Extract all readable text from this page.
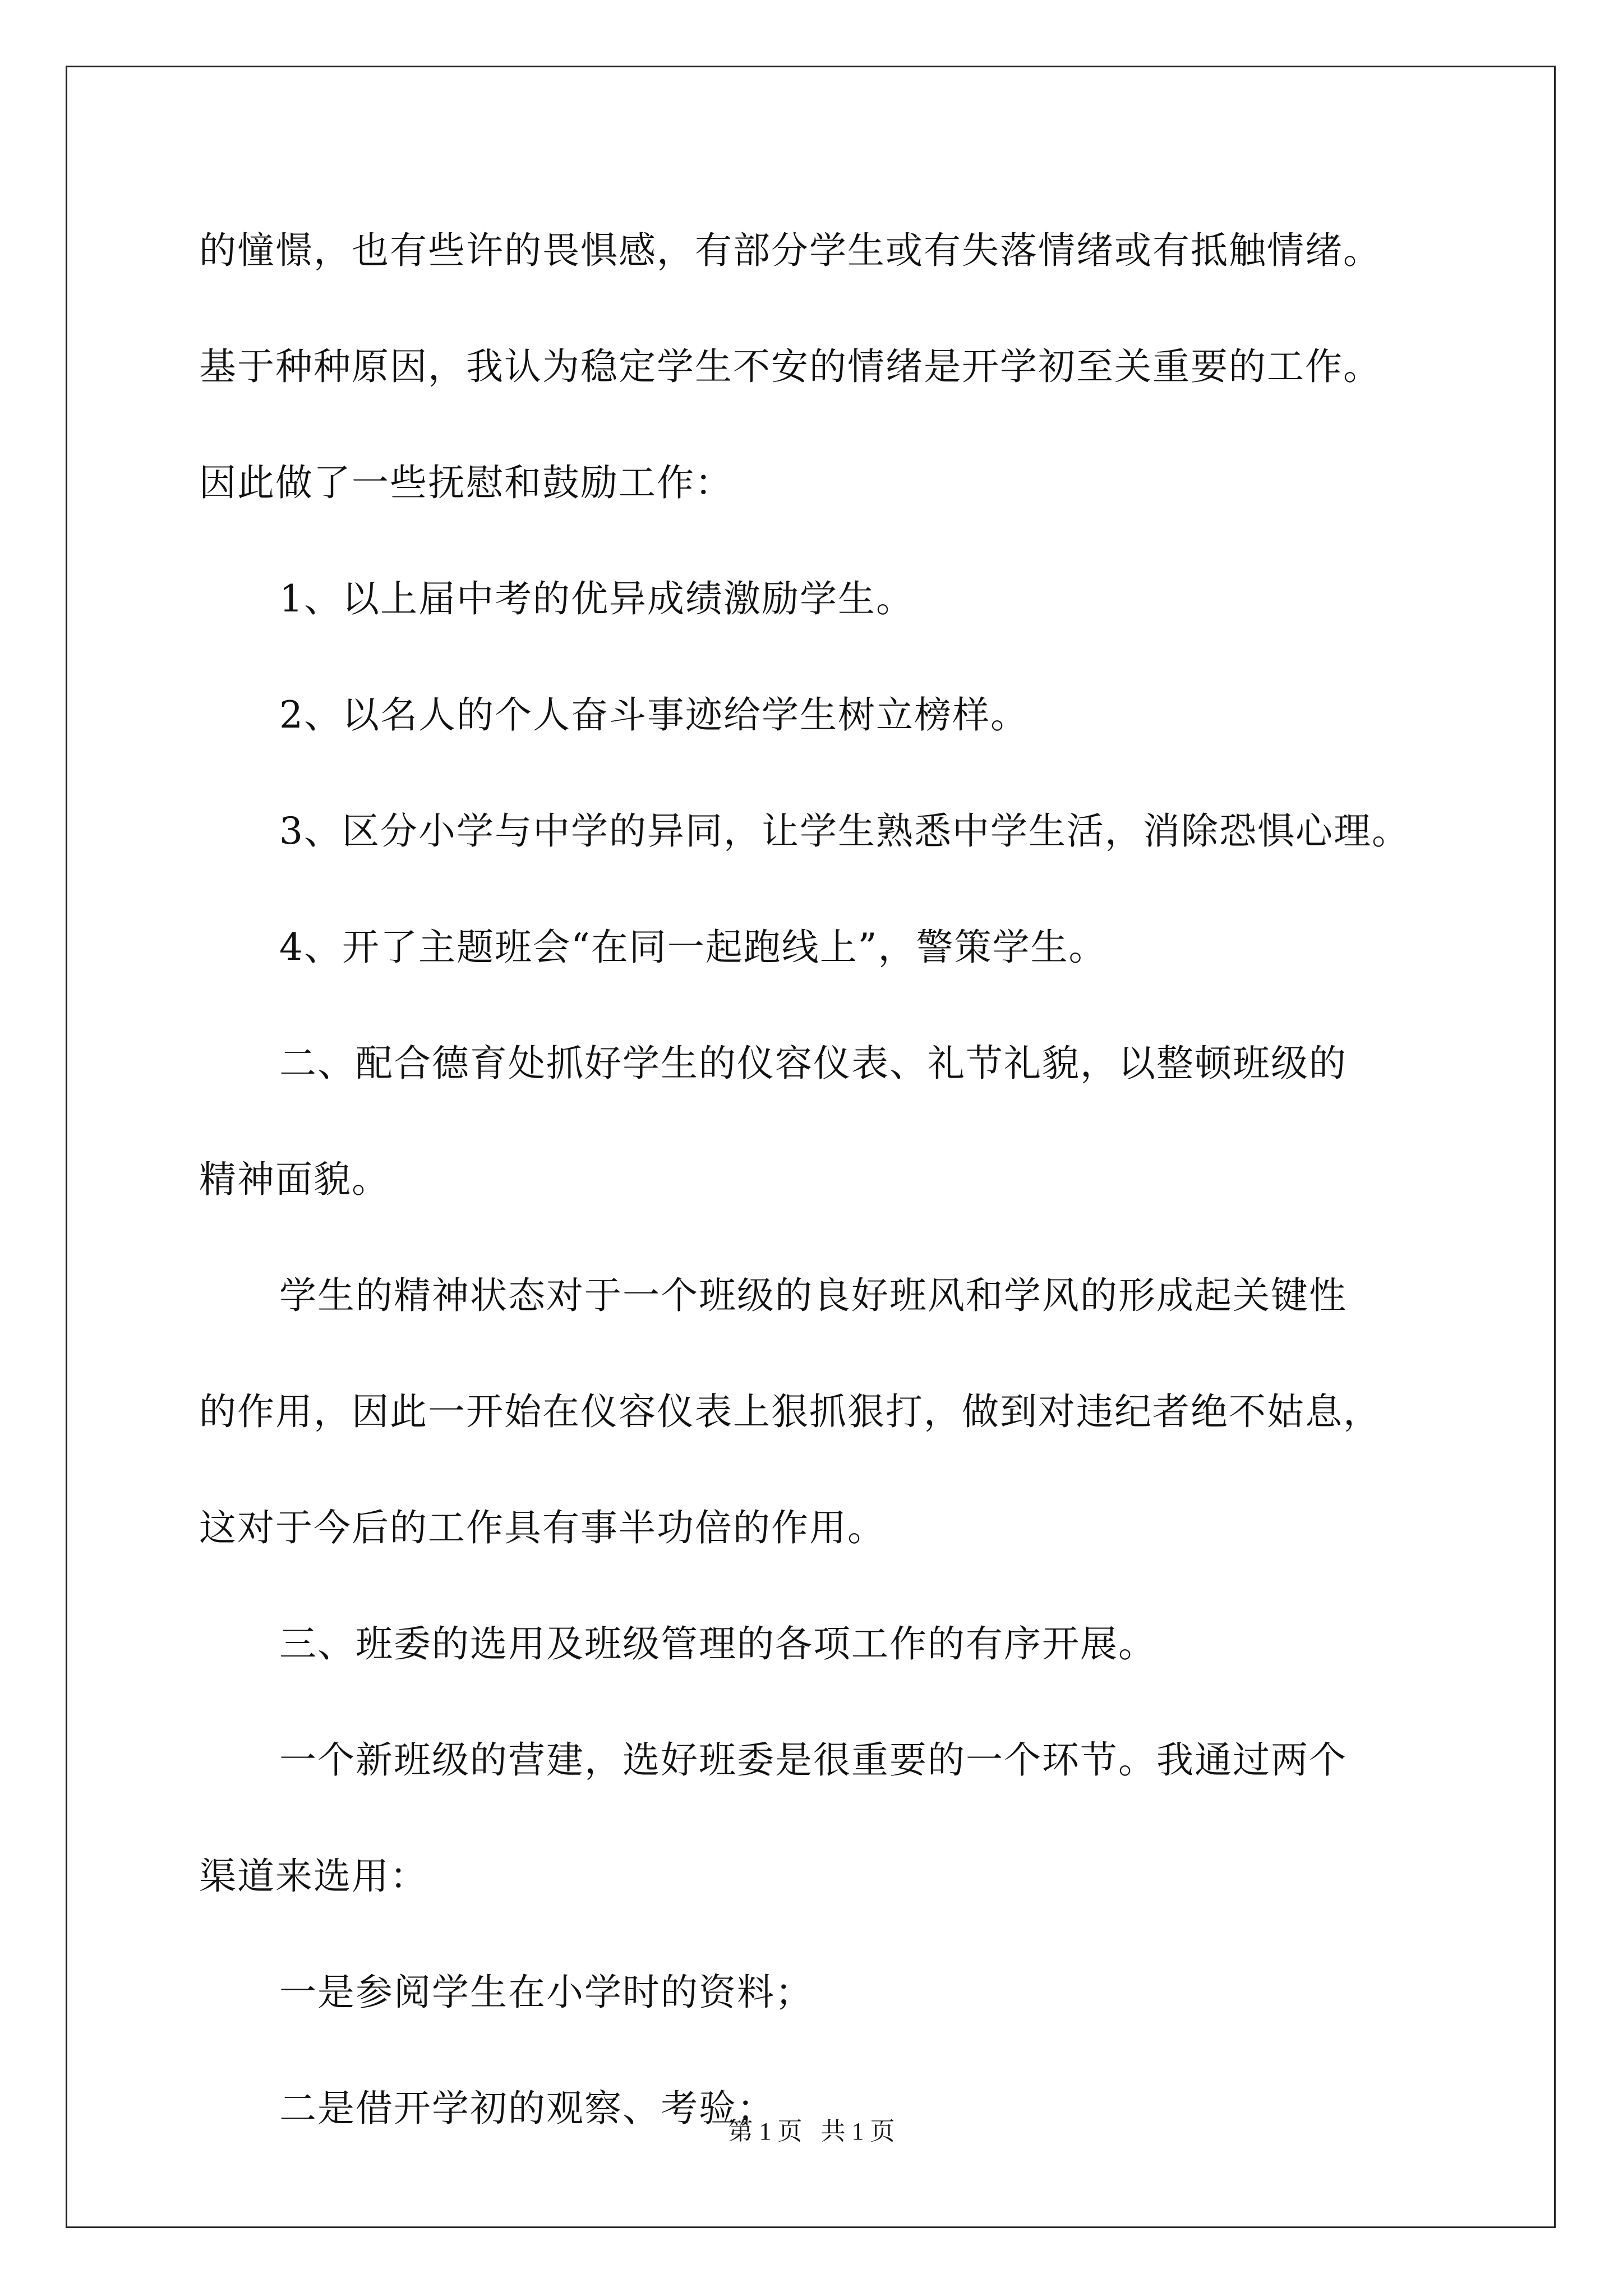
的憧憬，也有些许的畏惧感，有部分学生或有失落情绪或有抵触情绪。
基于种种原因，我认为稳定学生不安的情绪是开学初至关重要的工作。
因此做了一些抚慰和鼓励工作：
1、以上届中考的优异成绩激励学生。
2、以名人的个人奋斗事迹给学生树立榜样。
3、区分小学与中学的异同，让学生熟悉中学生活，消除恐惧心理。
4、开了主题班会“在同一起跑线上”，警策学生。
二、配合德育处抓好学生的仪容仪表、礼节礼貌，以整顿班级的
精神面貌。
学生的精神状态对于一个班级的良好班风和学风的形成起关键性
的作用，因此一开始在仪容仪表上狠抓狠打，做到对违纪者绝不姑息，
这对于今后的工作具有事半功倍的作用。
三、班委的选用及班级管理的各项工作的有序开展。
一个新班级的营建，选好班委是很重要的一个环节。我通过两个
渠道来选用：
一是参阅学生在小学时的资料；
二是借开学初的观察、考验；
第 1 页   共 1 页
